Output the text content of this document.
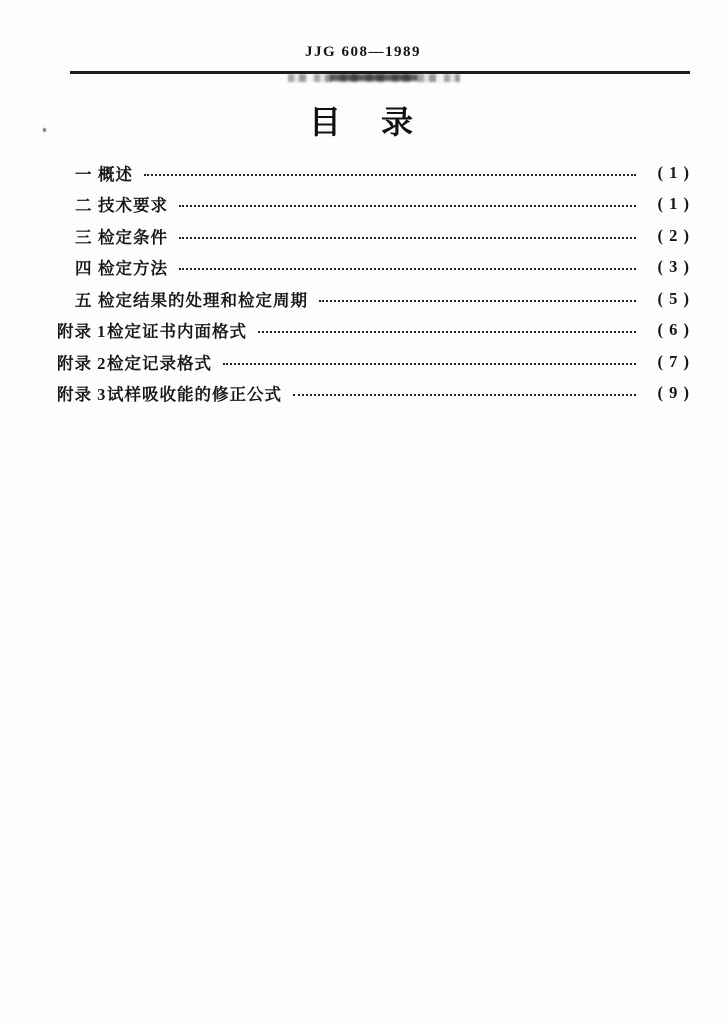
JJG 608—1989
目　录
一 概述	( 1 )
二 技术要求	( 1 )
三 检定条件	( 2 )
四 检定方法	( 3 )
五 检定结果的处理和检定周期	( 5 )
附录 1 检定证书内面格式	( 6 )
附录 2 检定记录格式	( 7 )
附录 3 试样吸收能的修正公式	( 9 )
